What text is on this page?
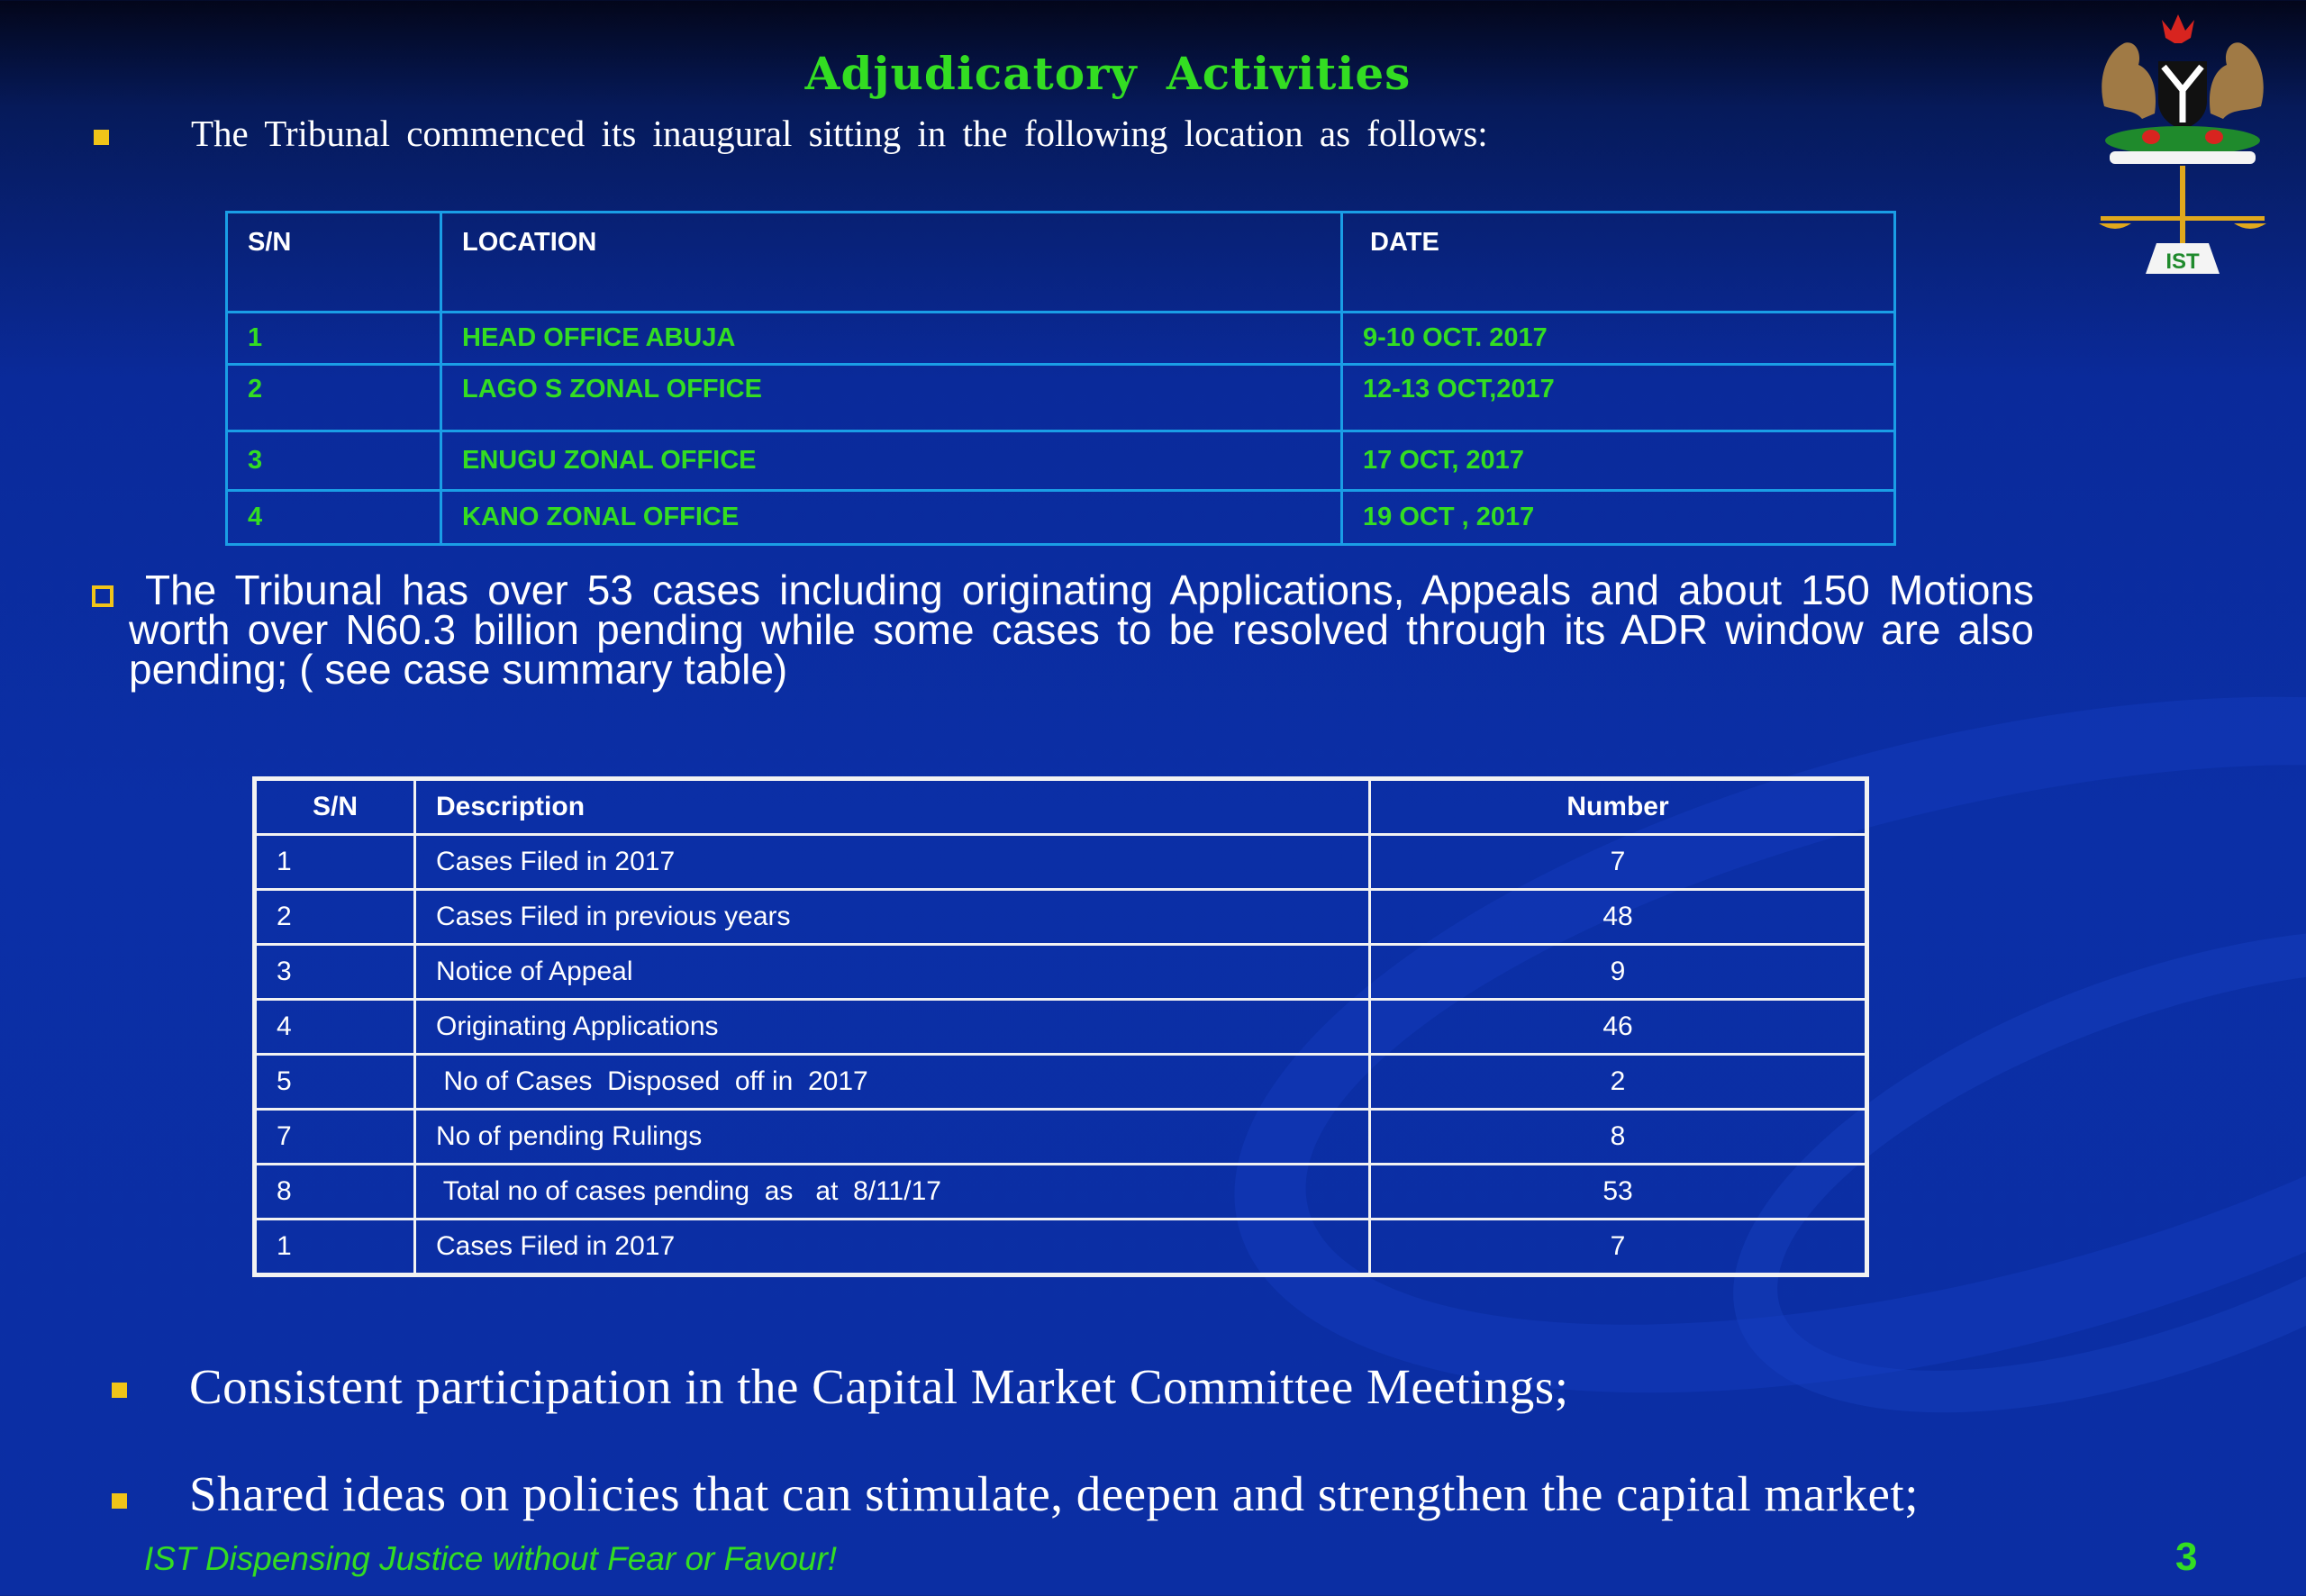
Adjudicatory Activities
IST
The Tribunal commenced its inaugural sitting in the following location as follows:
S/N	LOCATION	DATE
1	HEAD OFFICE ABUJA	9-10 OCT. 2017
2	LAGO S ZONAL OFFICE	12-13 OCT,2017
3	ENUGU ZONAL OFFICE	17 OCT, 2017
4	KANO ZONAL OFFICE	19 OCT , 2017
The Tribunal has over 53 cases including originating Applications, Appeals and about 150 Motions worth over N60.3 billion pending while some cases to be resolved through its ADR window are also pending; ( see case summary table)
S/N	Description	Number
1	Cases Filed in 2017	7
2	Cases Filed in previous years	48
3	Notice of Appeal	9
4	Originating Applications	46
5	No of Cases  Disposed  off in  2017	2
7	No of pending Rulings	8
8	Total no of cases pending  as   at  8/11/17	53
1	Cases Filed in 2017	7
Consistent participation in the Capital Market Committee Meetings;
Shared ideas on policies that can stimulate, deepen and strengthen the capital market;
IST Dispensing Justice without Fear or Favour!	3
